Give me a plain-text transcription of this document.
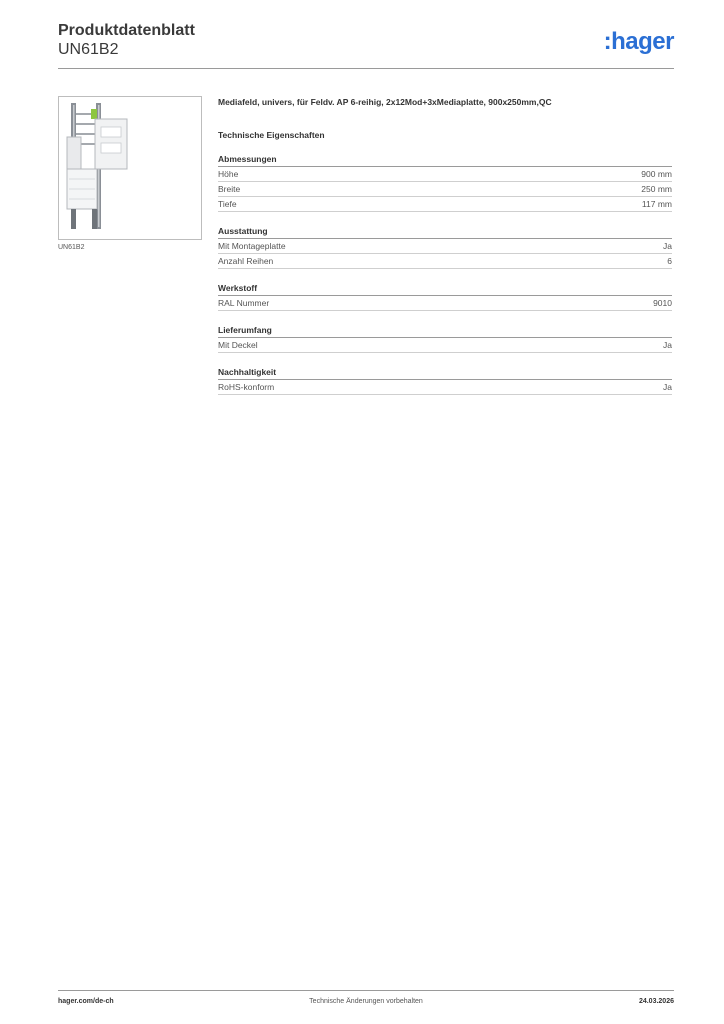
Produktdatenblatt
UN61B2	:hager
UN61B2
Mediafeld, univers, für Feldv. AP 6-reihig, 2x12Mod+3xMediaplatte, 900x250mm,QC
Technische Eigenschaften
Abmessungen
Höhe	900 mm
Breite	250 mm
Tiefe	117 mm
Ausstattung
Mit Montageplatte	Ja
Anzahl Reihen	6
Werkstoff
RAL Nummer	9010
Lieferumfang
Mit Deckel	Ja
Nachhaltigkeit
RoHS-konform	Ja
hager.com/de-ch	Technische Änderungen vorbehalten	24.03.2026
